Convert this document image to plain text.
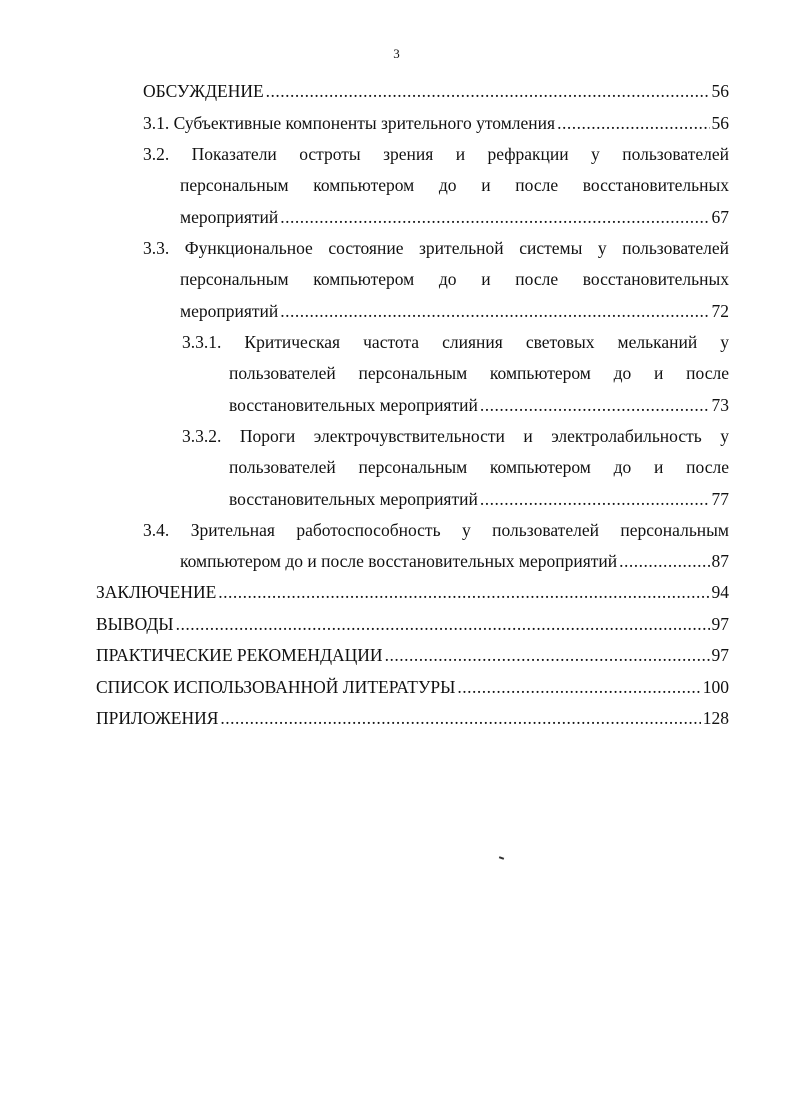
3
ОБСУЖДЕНИЕ .....	56
3.1. Субъективные компоненты зрительного утомления .....	56
3.2. Показатели остроты зрения и рефракции у пользователей
персональным компьютером до и после восстановительных
мероприятий .....	67
3.3. Функциональное состояние зрительной системы у пользователей
персональным компьютером до и после восстановительных
мероприятий .....	72
3.3.1. Критическая частота слияния световых мельканий у
пользователей персональным компьютером до и после
восстановительных мероприятий .....	73
3.3.2. Пороги электрочувствительности и электролабильность у
пользователей персональным компьютером до и после
восстановительных мероприятий .....	77
3.4. Зрительная работоспособность у пользователей персональным
компьютером до и после восстановительных мероприятий .....	87
ЗАКЛЮЧЕНИЕ .....	94
ВЫВОДЫ .....	97
ПРАКТИЧЕСКИЕ РЕКОМЕНДАЦИИ .....	97
СПИСОК ИСПОЛЬЗОВАННОЙ ЛИТЕРАТУРЫ .....	100
ПРИЛОЖЕНИЯ .....	128
